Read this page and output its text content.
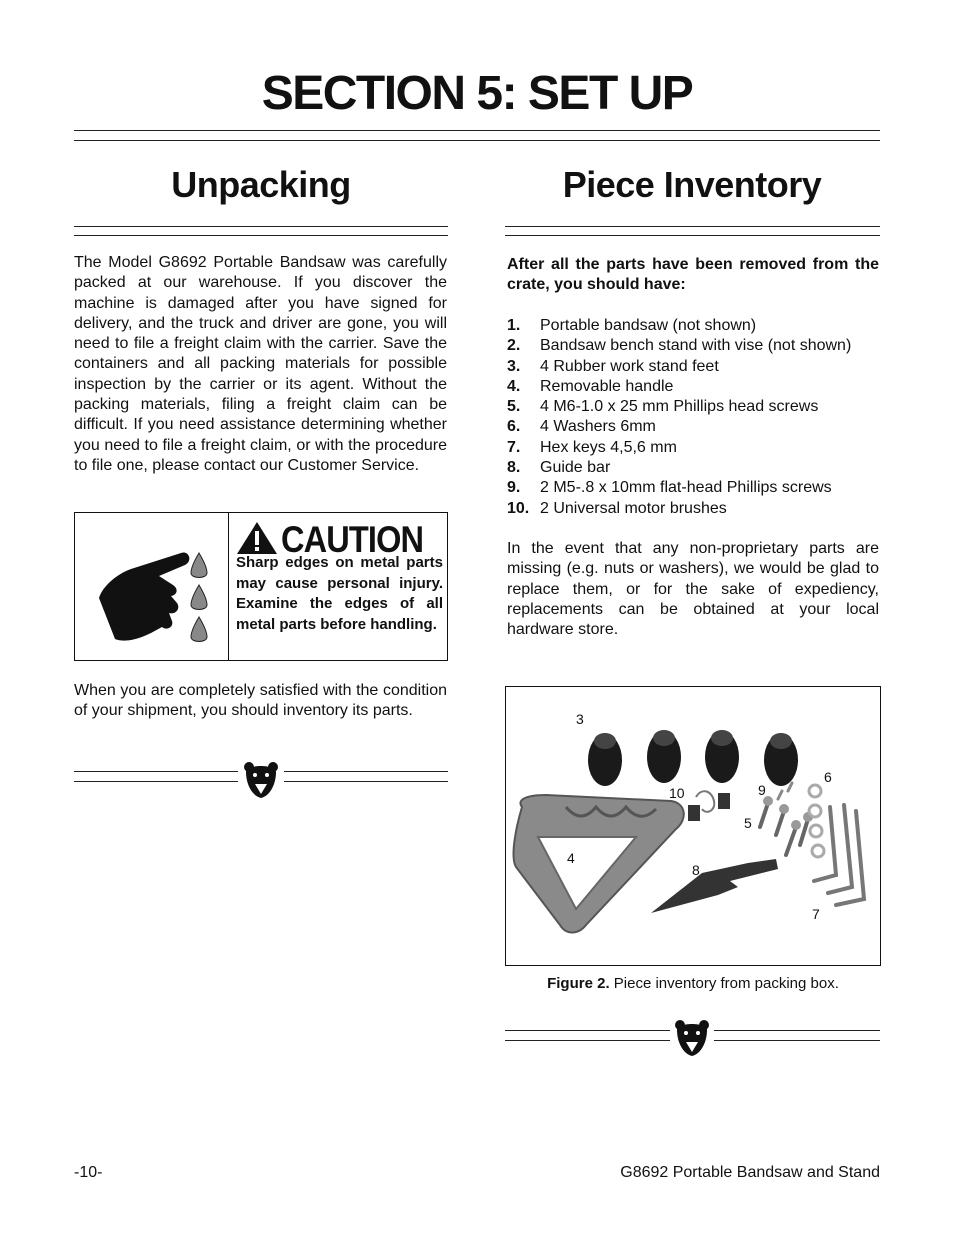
SECTION 5: SET UP
Unpacking

The Model G8692 Portable Bandsaw was carefully packed at our warehouse. If you discover the machine is damaged after you have signed for delivery, and the truck and driver are gone, you will need to file a freight claim with the carrier. Save the containers and all packing materials for possible inspection by the carrier or its agent. Without the packing materials, filing a freight claim can be difficult. If you need assistance determining whether you need to file a freight claim, or with the procedure to file one, please contact our Customer Service.

CAUTION
Sharp edges on metal parts may cause personal injury. Examine the edges of all metal parts before handling.

When you are completely satisfied with the condition of your shipment, you should inventory its parts.

Piece Inventory

After all the parts have been removed from the crate, you should have:

1. Portable bandsaw (not shown)
2. Bandsaw bench stand with vise (not shown)
3. 4 Rubber work stand feet
4. Removable handle
5. 4 M6-1.0 x 25 mm Phillips head screws
6. 4 Washers 6mm
7. Hex keys 4,5,6 mm
8. Guide bar
9. 2 M5-.8 x 10mm flat-head Phillips screws
10. 2 Universal motor brushes

In the event that any non-proprietary parts are missing (e.g. nuts or washers), we would be glad to replace them, or for the sake of expediency, replacements can be obtained at your local hardware store.

3
10	9
6
5
4
8
7
Figure 2. Piece inventory from packing box.
-10-	G8692 Portable Bandsaw and Stand
